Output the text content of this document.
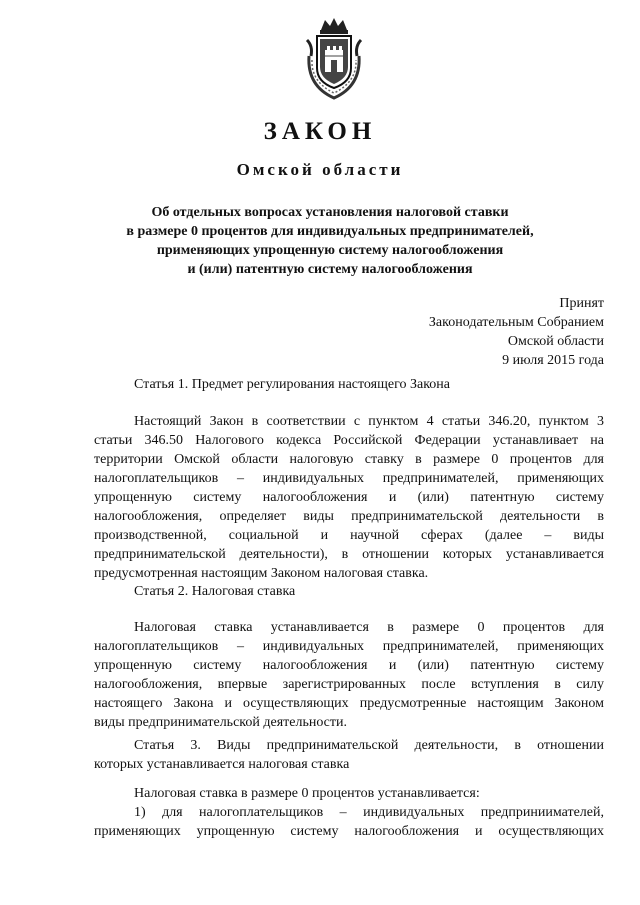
ЗАКОН
Омской области
Об отдельных вопросах установления налоговой ставки
в размере 0 процентов для индивидуальных предпринимателей,
применяющих упрощенную систему налогообложения
и (или) патентную систему налогообложения
Принят
Законодательным Собранием
Омской области
9 июля 2015 года
Статья 1. Предмет регулирования настоящего Закона
Настоящий Закон в соответствии с пунктом 4 статьи 346.20, пунктом 3
статьи 346.50 Налогового кодекса Российской Федерации устанавливает на
территории Омской области налоговую ставку в размере 0 процентов для
налогоплательщиков – индивидуальных предпринимателей, применяющих
упрощенную систему налогообложения и (или) патентную систему
налогообложения, определяет виды предпринимательской деятельности в
производственной, социальной и научной сферах (далее – виды
предпринимательской деятельности), в отношении которых устанавливается
предусмотренная настоящим Законом налоговая ставка.
Статья 2. Налоговая ставка
Налоговая ставка устанавливается в размере 0 процентов для
налогоплательщиков – индивидуальных предпринимателей, применяющих
упрощенную систему налогообложения и (или) патентную систему
налогообложения, впервые зарегистрированных после вступления в силу
настоящего Закона и осуществляющих предусмотренные настоящим Законом
виды предпринимательской деятельности.
Статья 3. Виды предпринимательской деятельности, в отношении
которых устанавливается налоговая ставка
Налоговая ставка в размере 0 процентов устанавливается:
1) для налогоплательщиков – индивидуальных предприниимателей,
применяющих упрощенную систему налогообложения и осуществляющих
